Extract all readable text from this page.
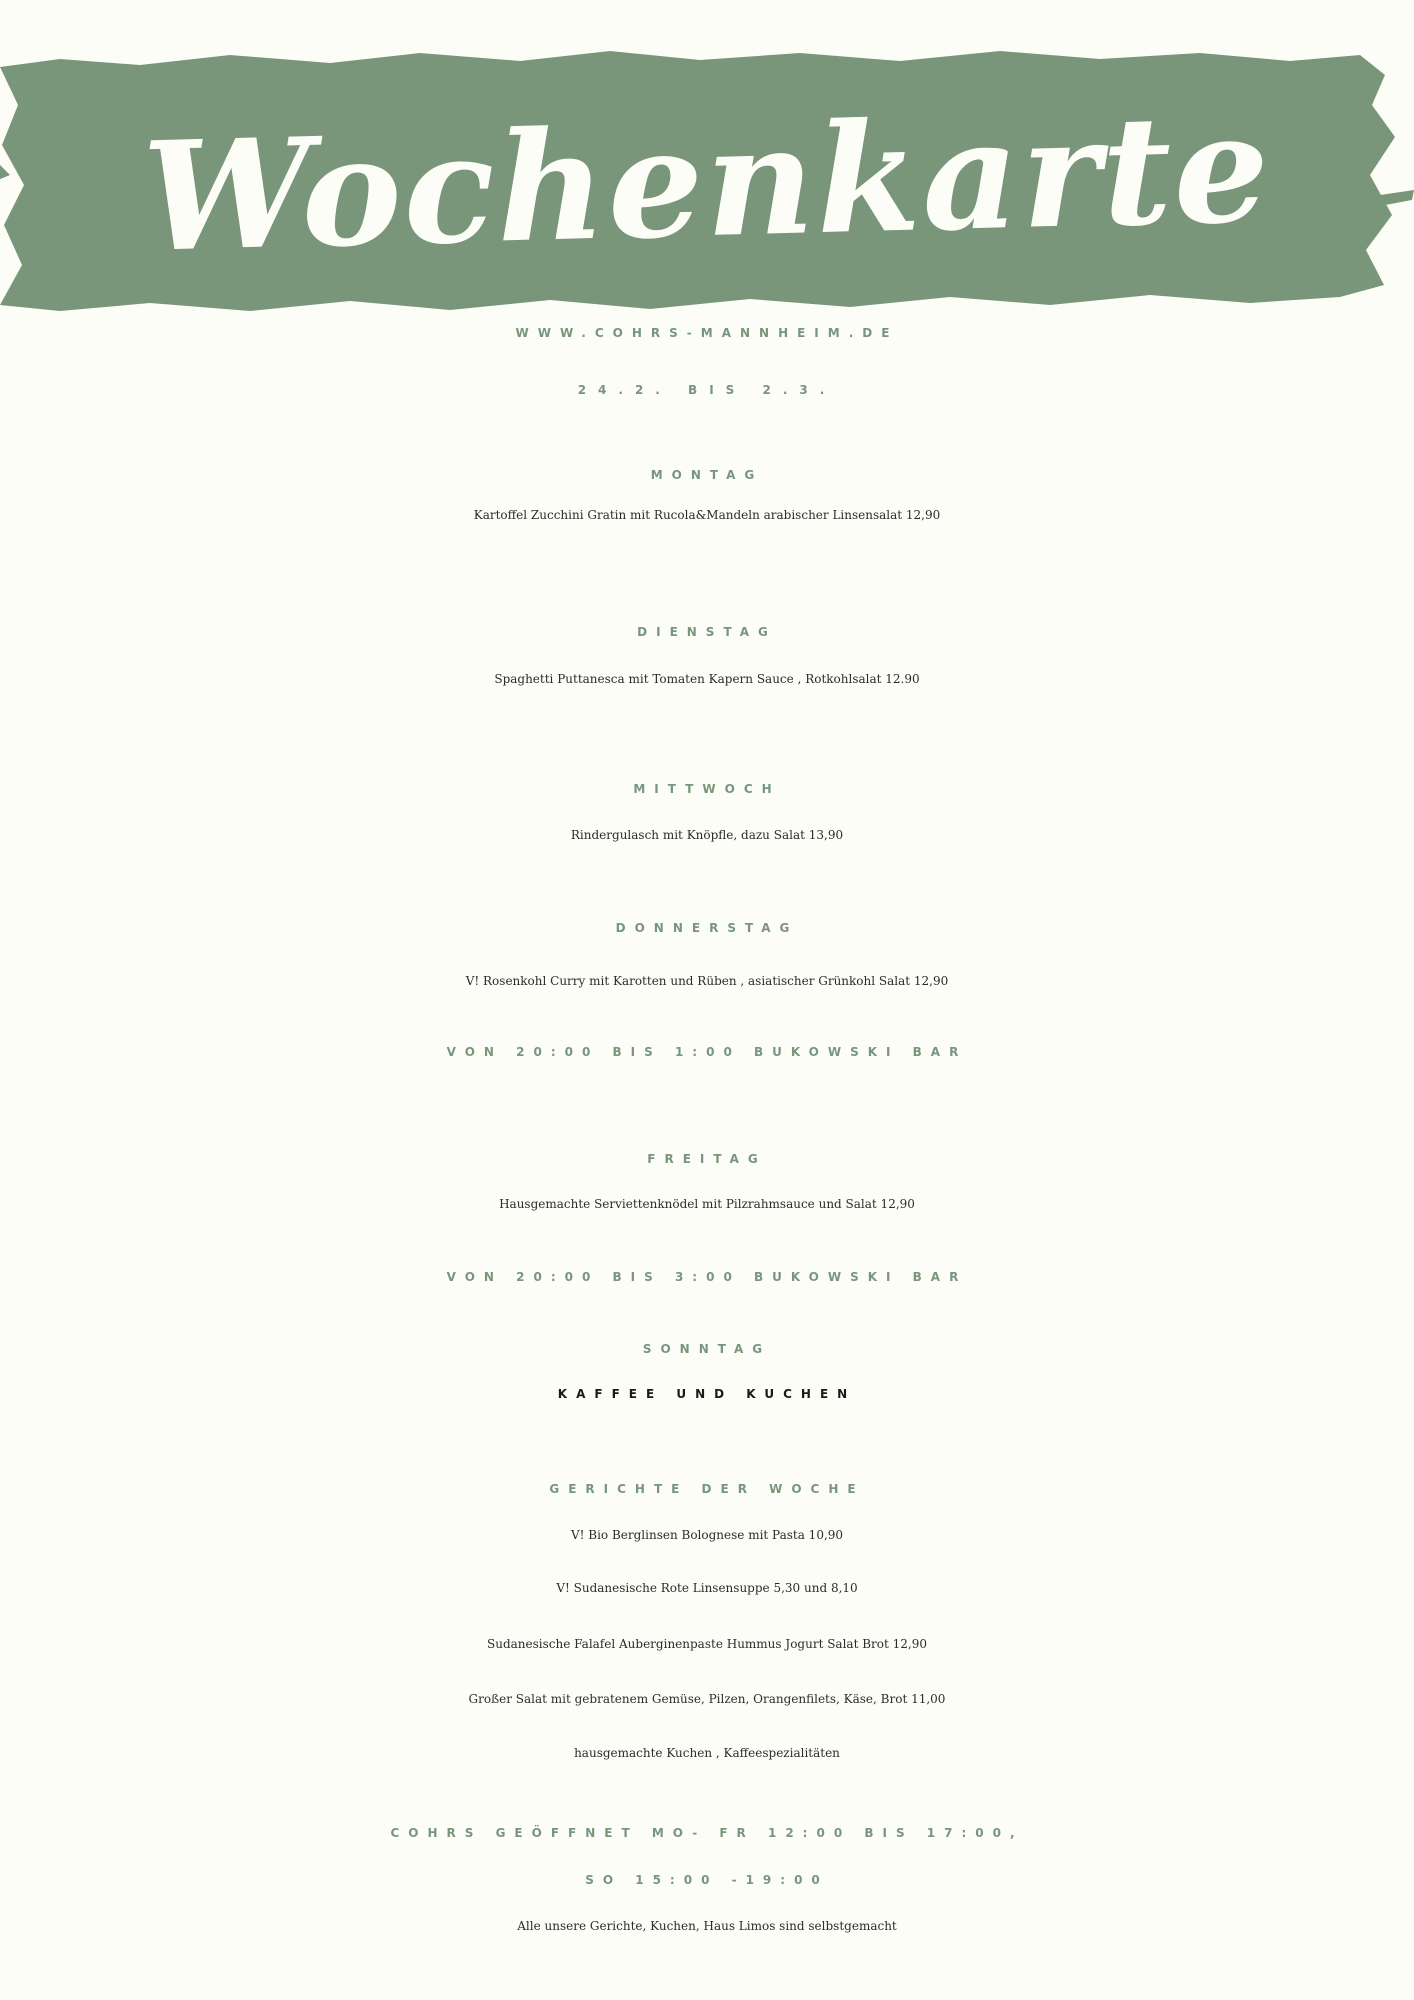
Wochenkarte
WWW.COHRS-MANNHEIM.DE
24.2. BIS 2.3.
MONTAG
Kartoffel Zucchini Gratin mit Rucola&Mandeln arabischer Linsensalat 12,90
DIENSTAG
Spaghetti Puttanesca mit Tomaten Kapern Sauce , Rotkohlsalat 12.90
MITTWOCH
Rindergulasch mit Knöpfle, dazu Salat 13,90
DONNERSTAG
V! Rosenkohl Curry mit Karotten und Rüben , asiatischer Grünkohl Salat 12,90
VON 20:00 BIS 1:00 BUKOWSKI BAR
FREITAG
Hausgemachte Serviettenknödel mit Pilzrahmsauce und Salat 12,90
VON 20:00 BIS 3:00 BUKOWSKI BAR
SONNTAG
KAFFEE UND KUCHEN
GERICHTE DER WOCHE
V! Bio Berglinsen Bolognese mit Pasta 10,90
V! Sudanesische Rote Linsensuppe 5,30 und 8,10
Sudanesische Falafel Auberginenpaste Hummus Jogurt Salat Brot 12,90
Großer Salat mit gebratenem Gemüse, Pilzen, Orangenfilets, Käse, Brot 11,00
hausgemachte Kuchen , Kaffeespezialitäten
COHRS GEÖFFNET MO- FR 12:00 BIS 17:00,
SO 15:00 -19:00
Alle unsere Gerichte, Kuchen, Haus Limos sind selbstgemacht
